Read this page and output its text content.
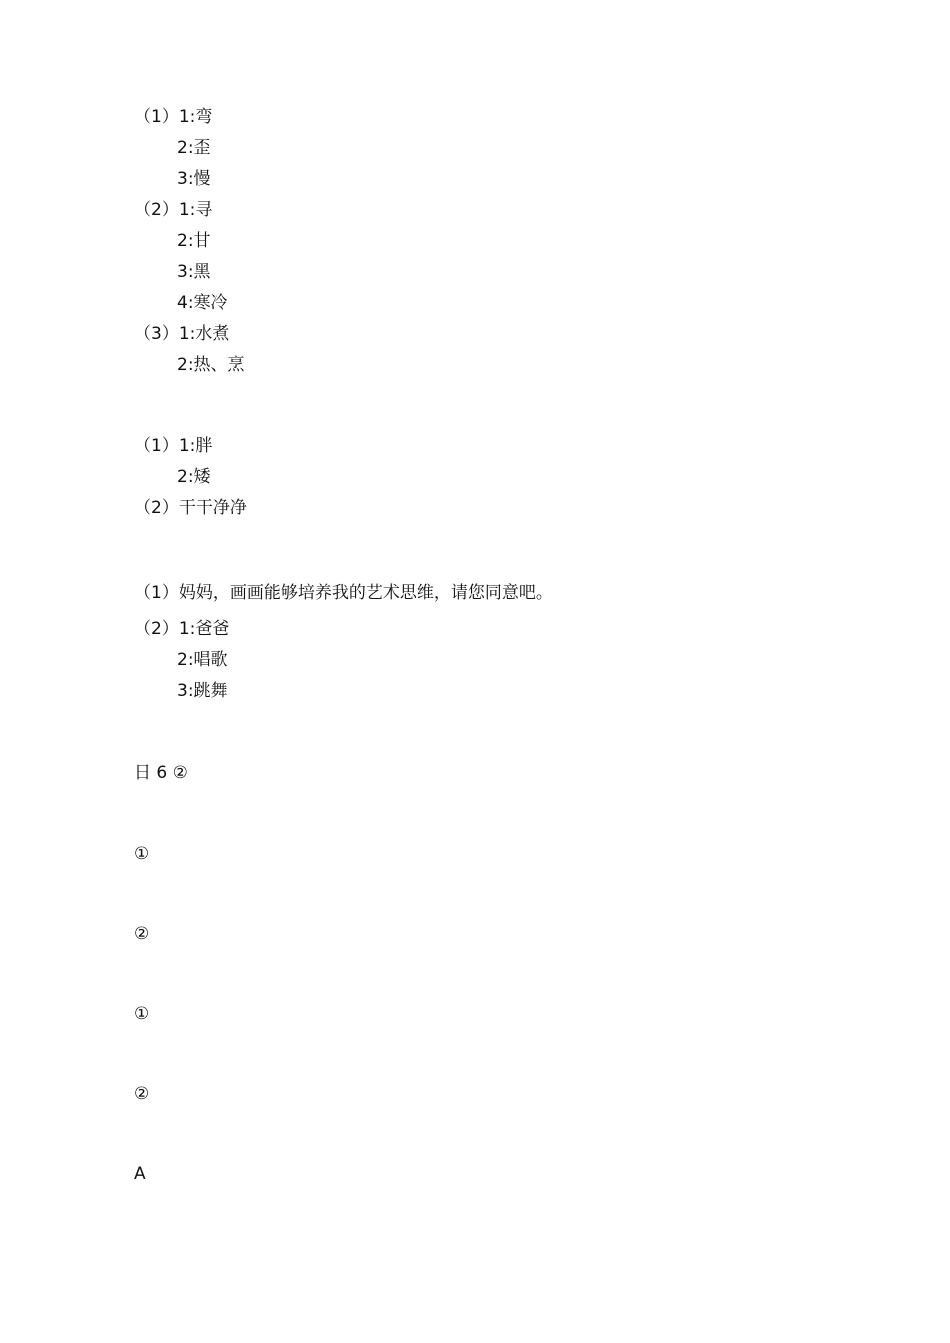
（1）1:弯
2:歪
3:慢
（2）1:寻
2:甘
3:黑
4:寒冷
（3）1:水煮
2:热、烹
（1）1:胖
2:矮
（2）干干净净
（1）妈妈，画画能够培养我的艺术思维，请您同意吧。
（2）1:爸爸
2:唱歌
3:跳舞
日 6 ②
①
②
①
②
A
